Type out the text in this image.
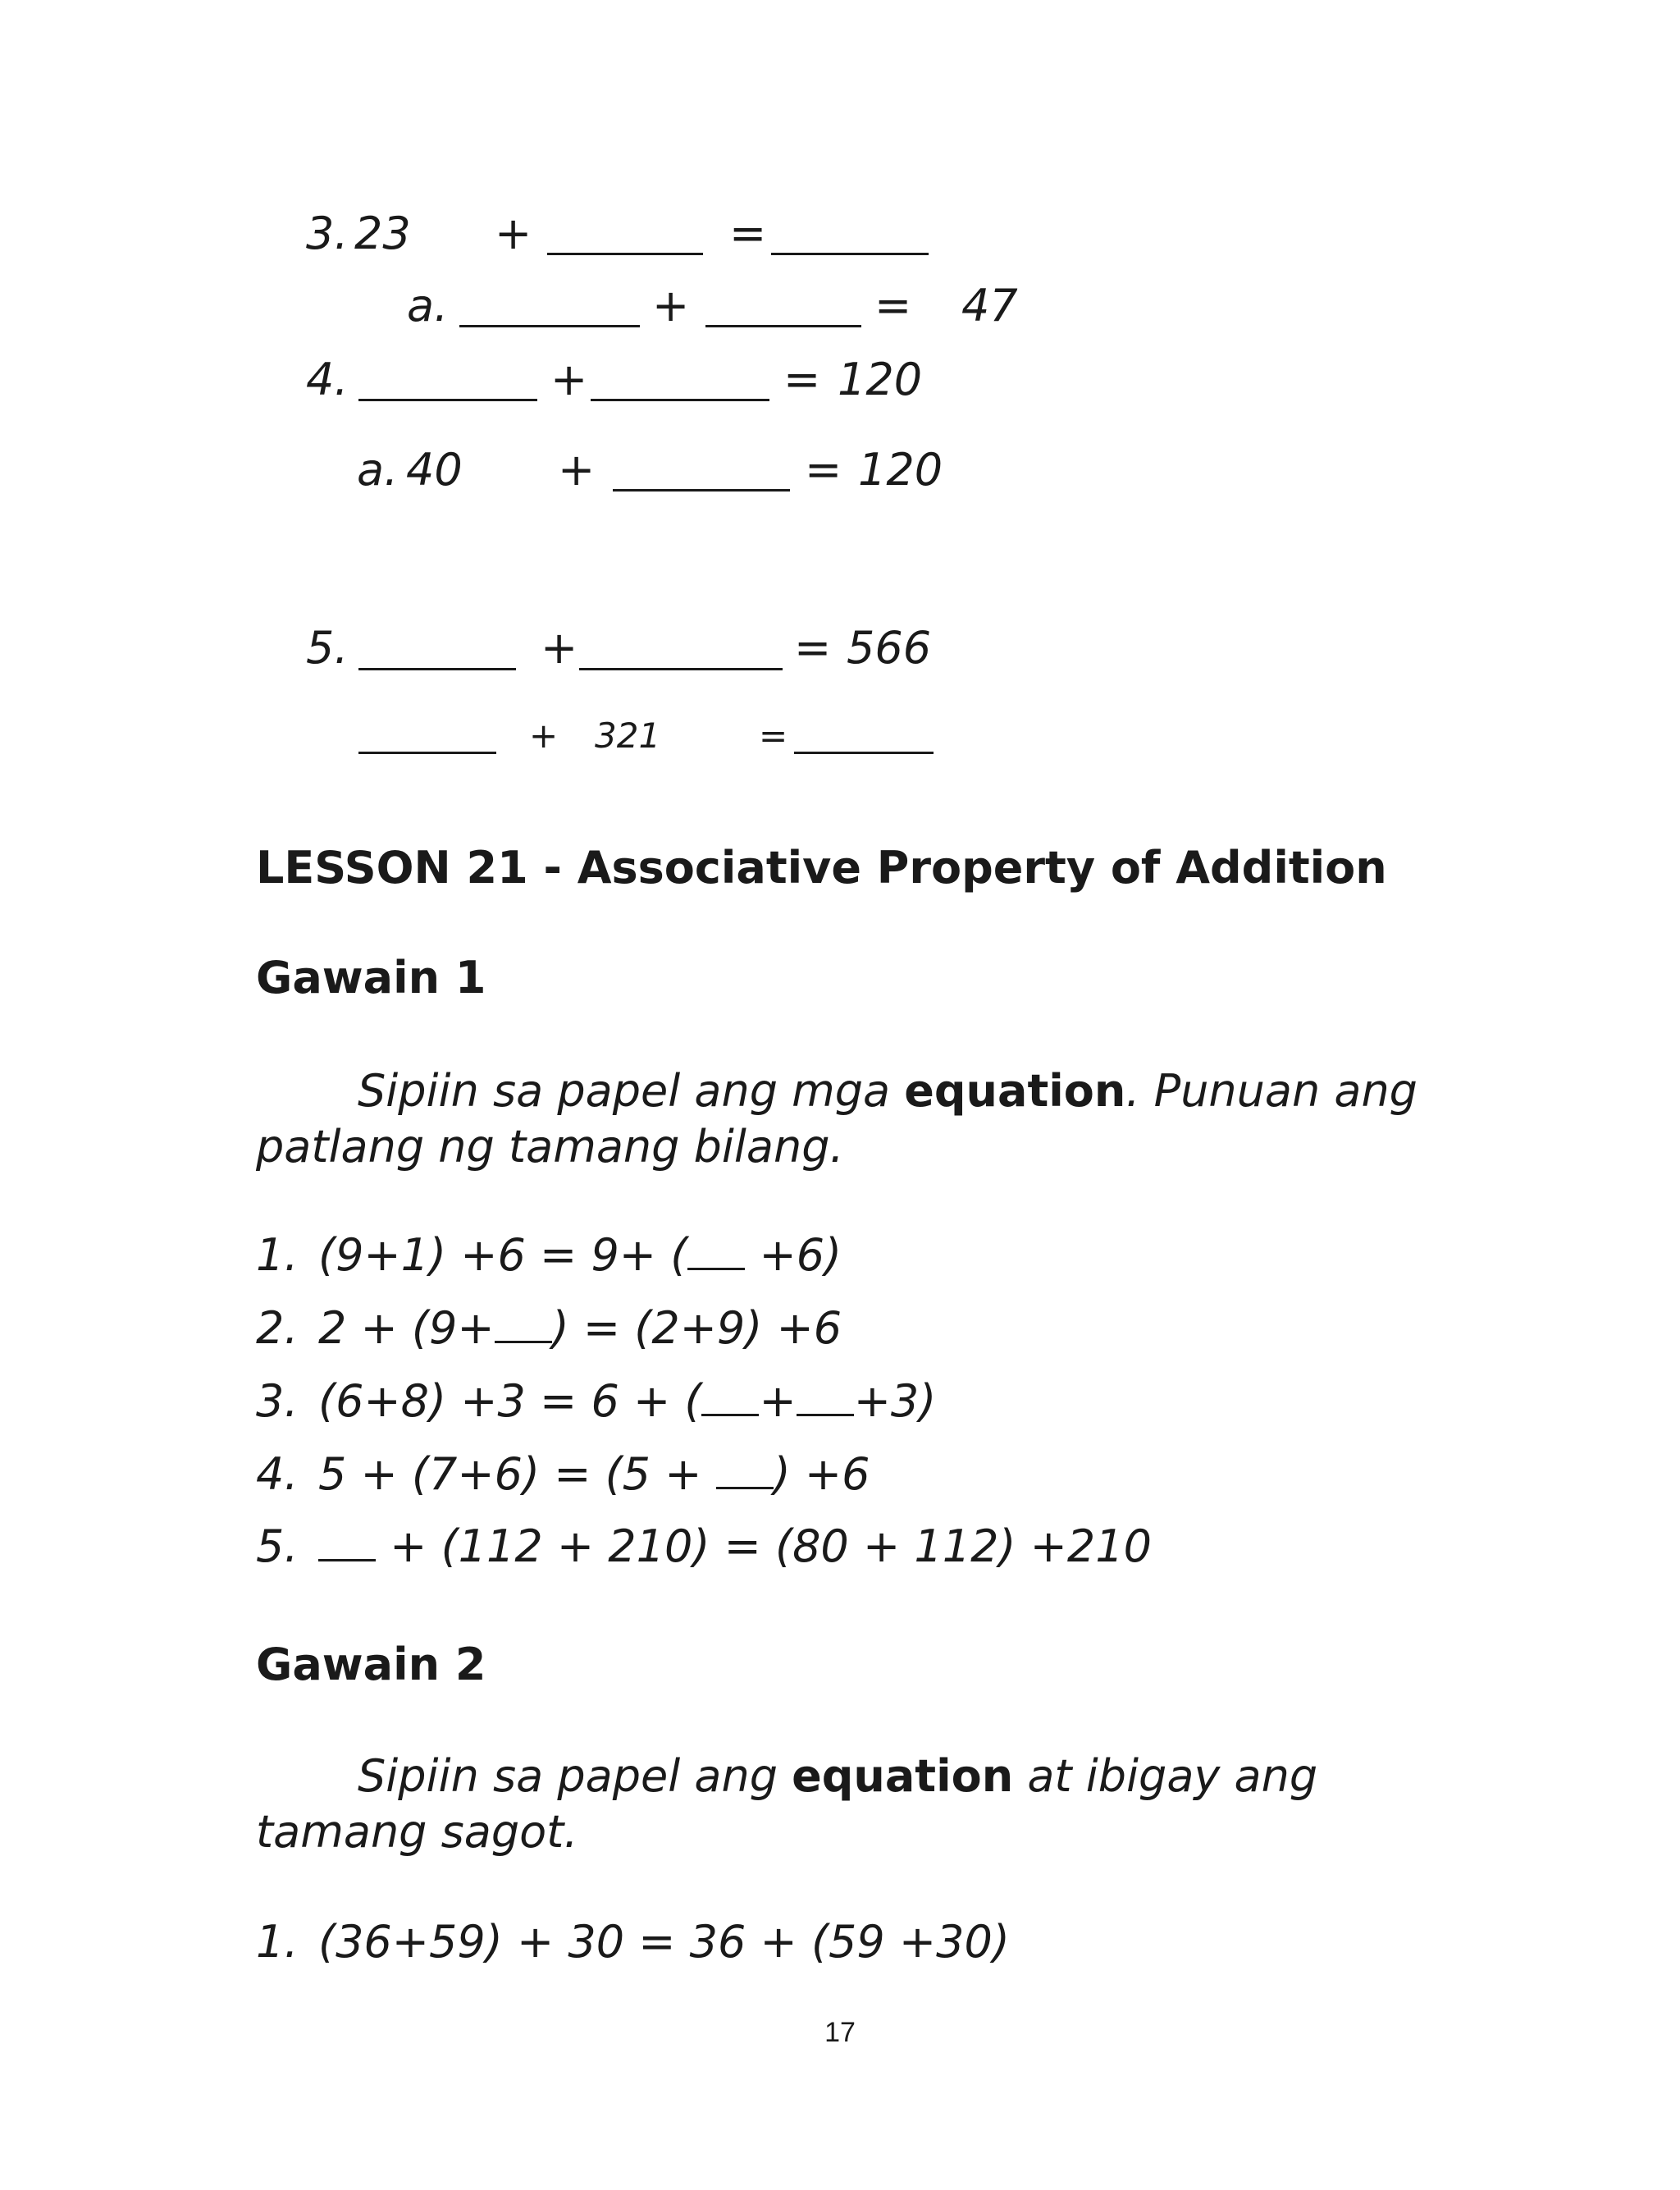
3. 23 +	=
a.	+	= 47
4.	+	= 120
a. 40 +	= 120
5.	+	= 566
+ 321	=
LESSON 21 - Associative Property of Addition
Gawain 1
Sipiin sa papel ang mga equation. Punuan ang
patlang ng tamang bilang.
1. (9+1) +6 = 9+ ( +6)
2. 2 + (9+ ) = (2+9) +6
3. (6+8) +3 = 6 + ( + +3)
4. 5 + (7+6) = (5 + ) +6
5. + (112 + 210) = (80 + 112) +210
Gawain 2
Sipiin sa papel ang equation at ibigay ang
tamang sagot.
1. (36+59) + 30 = 36 + (59 +30)
17
